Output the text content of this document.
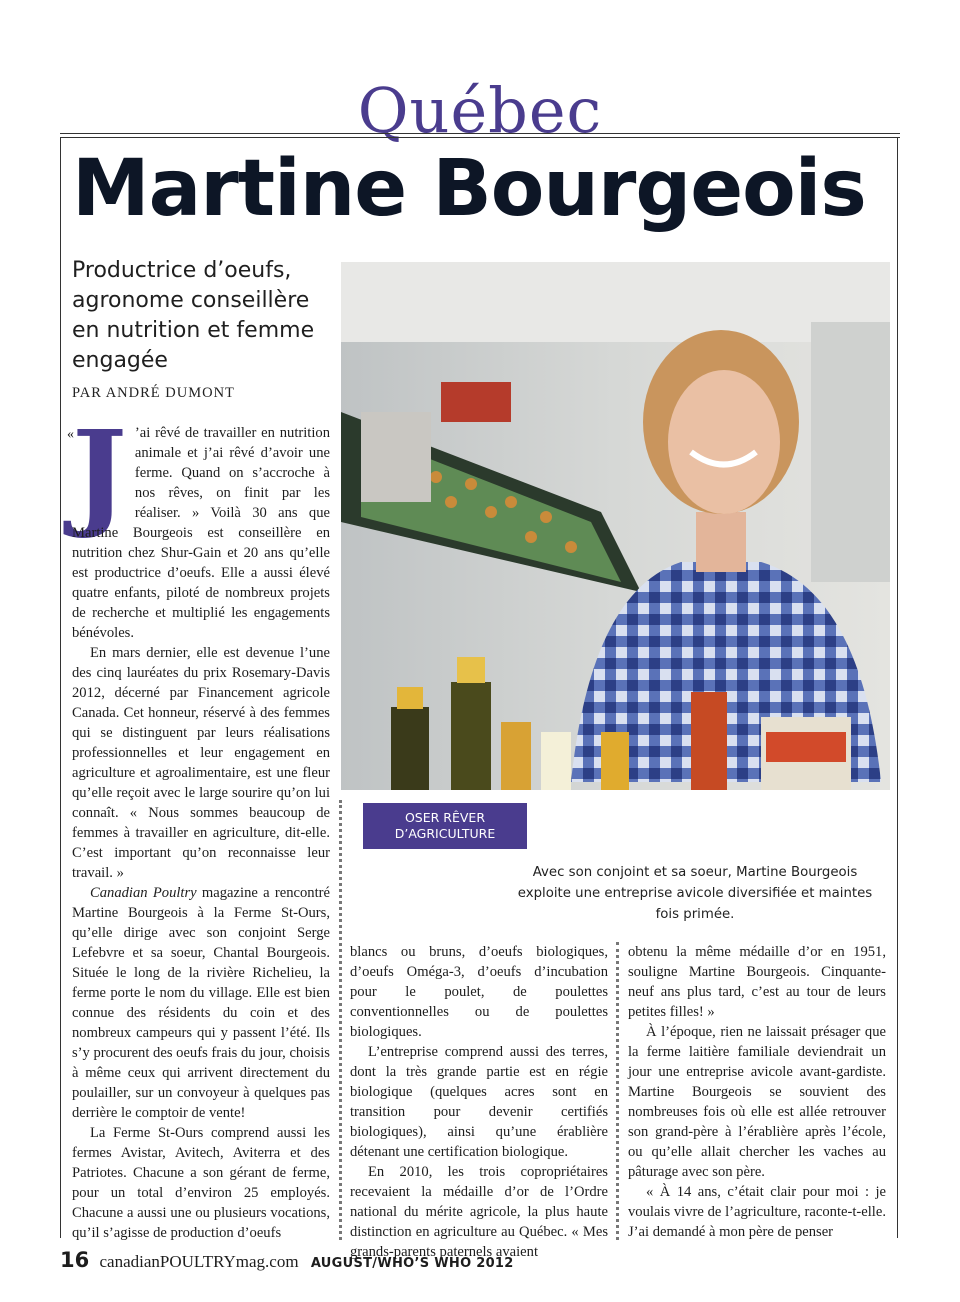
Québec
Martine Bourgeois
Productrice d’oeufs, agronome conseillère en nutrition et femme engagée
PAR ANDRÉ DUMONT
«

J ’ai rêvé de travailler en nutrition animale et j’ai rêvé d’avoir une ferme. Quand on s’accroche à nos rêves, on finit par les réaliser. » Voilà 30 ans que Martine Bourgeois est conseillère en nutrition chez Shur-Gain et 20 ans qu’elle est productrice d’oeufs. Elle a aussi élevé quatre enfants, piloté de nombreux projets de recherche et multiplié les engagements bénévoles.

En mars dernier, elle est devenue l’une des cinq lauréates du prix Rosemary-Davis 2012, décerné par Financement agricole Canada. Cet honneur, réservé à des femmes qui se distinguent par leurs réalisations professionnelles et leur engagement en agriculture et agroalimentaire, est une fleur qu’elle reçoit avec le large sourire qu’on lui connaît. « Nous sommes beaucoup de femmes à travailler en agriculture, dit-elle. C’est important qu’on reconnaisse leur travail. »

Canadian Poultry magazine a rencontré Martine Bourgeois à la Ferme St-Ours, qu’elle dirige avec son conjoint Serge Lefebvre et sa soeur, Chantal Bourgeois. Située le long de la rivière Richelieu, la ferme porte le nom du village. Elle est bien connue des résidents du coin et des nombreux campeurs qui y passent l’été. Ils s’y procurent des oeufs frais du jour, choisis à même ceux qui arrivent directement du poulailler, sur un convoyeur à quelques pas derrière le comptoir de vente!

La Ferme St-Ours comprend aussi les fermes Avistar, Avitech, Aviterra et des Patriotes. Chacune a son gérant de ferme, pour un total d’environ 25 employés. Chacune a aussi une ou plusieurs vocations, qu’il s’agisse de production d’oeufs

OSER RÊVER D’AGRICULTURE
Avec son conjoint et sa soeur, Martine Bourgeois exploite une entreprise avicole diversifiée et maintes fois primée.

blancs ou bruns, d’oeufs biologiques, d’oeufs Oméga-3, d’oeufs d’incubation pour le poulet, de poulettes conventionnelles ou de poulettes biologiques.

L’entreprise comprend aussi des terres, dont la très grande partie est en régie biologique (quelques acres sont en transition pour devenir certifiés biologiques), ainsi qu’une érablière détenant une certification biologique.

En 2010, les trois copropriétaires recevaient la médaille d’or de l’Ordre national du mérite agricole, la plus haute distinction en agriculture au Québec. « Mes grands-parents paternels avaient

obtenu la même médaille d’or en 1951, souligne Martine Bourgeois. Cinquante-neuf ans plus tard, c’est au tour de leurs petites filles! »

À l’époque, rien ne laissait présager que la ferme laitière familiale deviendrait un jour une entreprise avicole avant-gardiste. Martine Bourgeois se souvient des nombreuses fois où elle est allée retrouver son grand-père à l’érablière après l’école, ou qu’elle allait chercher les vaches au pâturage avec son père.

« À 14 ans, c’était clair pour moi : je voulais vivre de l’agriculture, raconte-t-elle. J’ai demandé à mon père de penser

16 canadianPOULTRYmag.com AUGUST/WHO’S WHO 2012
